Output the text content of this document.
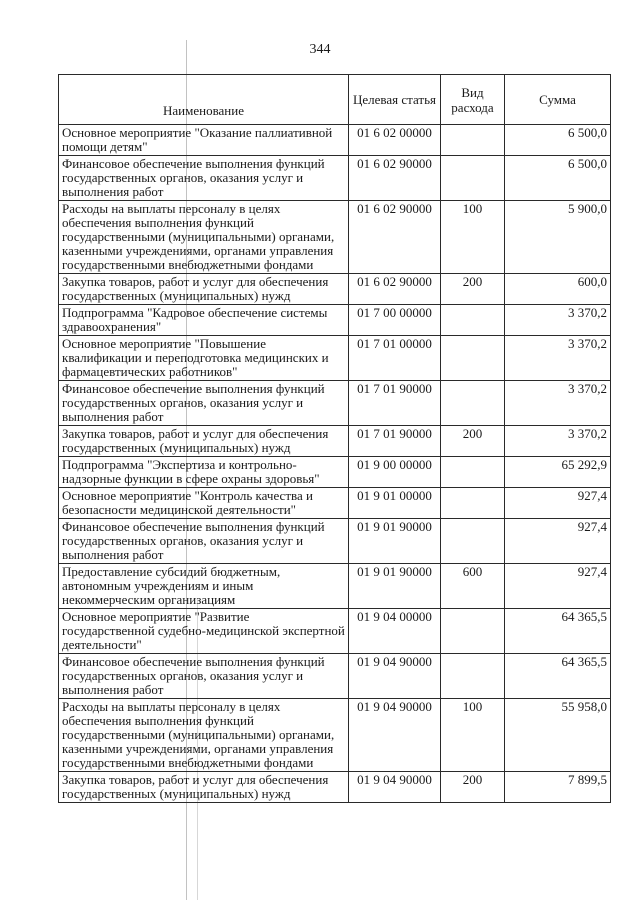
344
Наименование	Целевая статья	Вид расхода	Сумма
Основное мероприятие "Оказание паллиативной помощи детям"	01 6 02 00000		6 500,0
Финансовое обеспечение выполнения функций государственных органов, оказания услуг и выполнения работ	01 6 02 90000		6 500,0
Расходы на выплаты персоналу в целях обеспечения выполнения функций государственными (муниципальными) органами, казенными учреждениями, органами управления государственными внебюджетными фондами	01 6 02 90000	100	5 900,0
Закупка товаров, работ и услуг для обеспечения государственных (муниципальных) нужд	01 6 02 90000	200	600,0
Подпрограмма "Кадровое обеспечение системы здравоохранения"	01 7 00 00000		3 370,2
Основное мероприятие "Повышение квалификации и переподготовка медицинских и фармацевтических работников"	01 7 01 00000		3 370,2
Финансовое обеспечение выполнения функций государственных органов, оказания услуг и выполнения работ	01 7 01 90000		3 370,2
Закупка товаров, работ и услуг для обеспечения государственных (муниципальных) нужд	01 7 01 90000	200	3 370,2
Подпрограмма "Экспертиза и контрольно-надзорные функции в сфере охраны здоровья"	01 9 00 00000		65 292,9
Основное мероприятие "Контроль качества и безопасности медицинской деятельности"	01 9 01 00000		927,4
Финансовое обеспечение выполнения функций государственных органов, оказания услуг и выполнения работ	01 9 01 90000		927,4
Предоставление субсидий бюджетным, автономным учреждениям и иным некоммерческим организациям	01 9 01 90000	600	927,4
Основное мероприятие "Развитие государственной судебно-медицинской экспертной деятельности"	01 9 04 00000		64 365,5
Финансовое обеспечение выполнения функций государственных органов, оказания услуг и выполнения работ	01 9 04 90000		64 365,5
Расходы на выплаты персоналу в целях обеспечения выполнения функций государственными (муниципальными) органами, казенными учреждениями, органами управления государственными внебюджетными фондами	01 9 04 90000	100	55 958,0
Закупка товаров, работ и услуг для обеспечения государственных (муниципальных) нужд	01 9 04 90000	200	7 899,5
